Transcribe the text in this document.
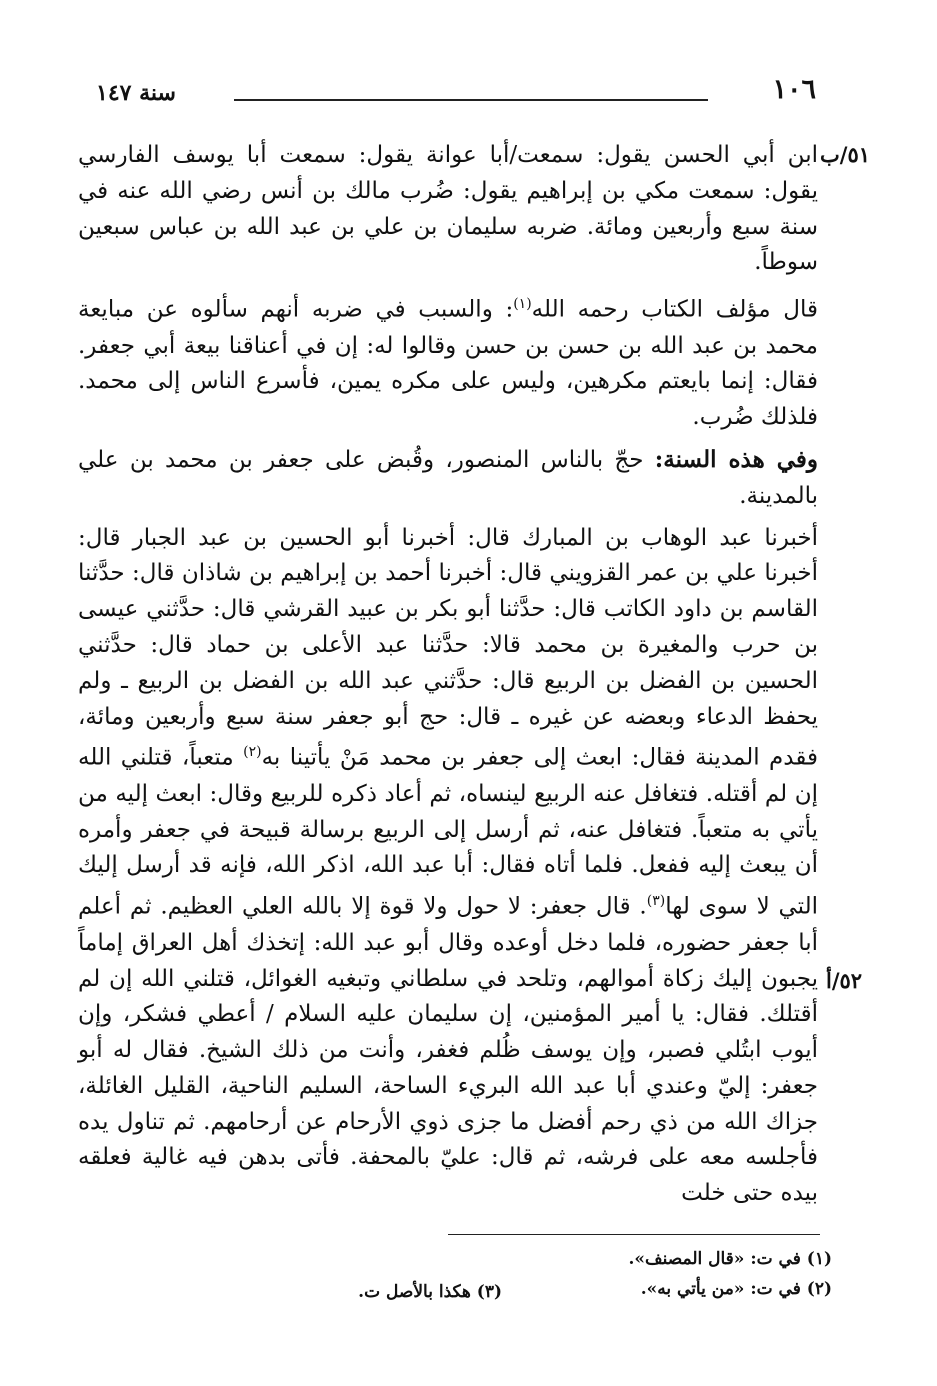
سنة ١٤٧	١٠٦
٥١/ب
٥٢/أ

ابن أبي الحسن يقول: سمعت/أبا عوانة يقول: سمعت أبا يوسف الفارسي يقول: سمعت مكي بن إبراهيم يقول: ضُرب مالك بن أنس رضي الله عنه في سنة سبع وأربعين ومائة. ضربه سليمان بن علي بن عبد الله بن عباس سبعين سوطاً.

قال مؤلف الكتاب رحمه الله$^{(١)}$: والسبب في ضربه أنهم سألوه عن مبايعة محمد بن عبد الله بن حسن بن حسن وقالوا له: إن في أعناقنا بيعة أبي جعفر. فقال: إنما بايعتم مكرهين، وليس على مكره يمين، فأسرع الناس إلى محمد. فلذلك ضُرب.

وفي هذه السنة: حجّ بالناس المنصور، وقُبض على جعفر بن محمد بن علي بالمدينة.

أخبرنا عبد الوهاب بن المبارك قال: أخبرنا أبو الحسين بن عبد الجبار قال: أخبرنا علي بن عمر القزويني قال: أخبرنا أحمد بن إبراهيم بن شاذان قال: حدَّثنا القاسم بن داود الكاتب قال: حدَّثنا أبو بكر بن عبيد القرشي قال: حدَّثني عيسى بن حرب والمغيرة بن محمد قالا: حدَّثنا عبد الأعلى بن حماد قال: حدَّثني الحسين بن الفضل بن الربيع قال: حدَّثني عبد الله بن الفضل بن الربيع ـ ولم يحفظ الدعاء وبعضه عن غيره ـ قال: حج أبو جعفر سنة سبع وأربعين ومائة، فقدم المدينة فقال: ابعث إلى جعفر بن محمد مَنْ يأتينا به$^{(٢)}$ متعباً، قتلني الله إن لم أقتله. فتغافل عنه الربيع لينساه، ثم أعاد ذكره للربيع وقال: ابعث إليه من يأتي به متعباً. فتغافل عنه، ثم أرسل إلى الربيع برسالة قبيحة في جعفر وأمره أن يبعث إليه ففعل. فلما أتاه فقال: أبا عبد الله، اذكر الله، فإنه قد أرسل إليك التي لا سوى لها$^{(٣)}$. قال جعفر: لا حول ولا قوة إلا بالله العلي العظيم. ثم أعلم أبا جعفر حضوره، فلما دخل أوعده وقال أبو عبد الله: إتخذك أهل العراق إماماً يجبون إليك زكاة أموالهم، وتلحد في سلطاني وتبغيه الغوائل، قتلني الله إن لم أقتلك. فقال: يا أمير المؤمنين، إن سليمان عليه السلام / أعطي فشكر، وإن أيوب ابتُلي فصبر، وإن يوسف ظُلم فغفر، وأنت من ذلك الشيخ. فقال له أبو جعفر: إليّ وعندي أبا عبد الله البريء الساحة، السليم الناحية، القليل الغائلة، جزاك الله من ذي رحم أفضل ما جزى ذوي الأرحام عن أرحامهم. ثم تناول يده فأجلسه معه على فرشه، ثم قال: عليّ بالمحفة. فأتى بدهن فيه غالية فعلقه بيده حتى خلت

(١) في ت: «قال المصنف».
(٢) في ت: «من يأتي به».
(٣) هكذا بالأصل ت.
